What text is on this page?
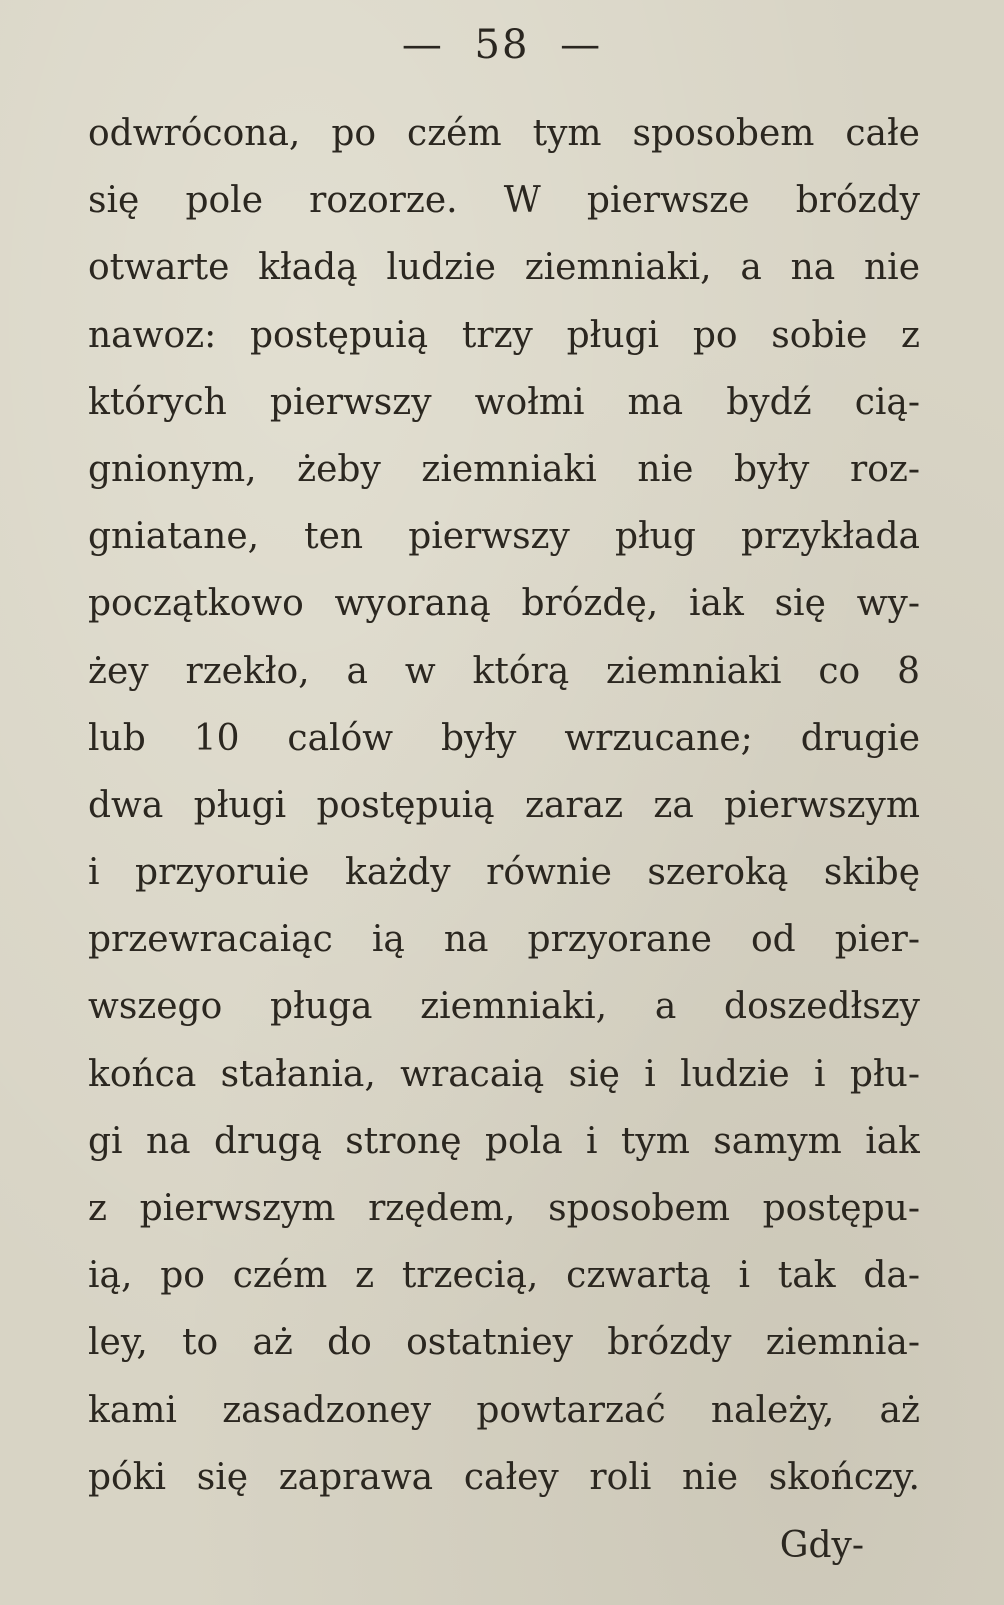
— 58 —
odwrócona, po czém tym sposobem całe
się pole rozorze. W pierwsze brózdy
otwarte kładą ludzie ziemniaki, a na nie
nawoz: postępuią trzy pługi po sobie z
których pierwszy wołmi ma bydź cią-
gnionym, żeby ziemniaki nie były roz-
gniatane, ten pierwszy pług przykłada
początkowo wyoraną brózdę, iak się wy-
żey rzekło, a w którą ziemniaki co 8
lub 10 calów były wrzucane; drugie
dwa pługi postępuią zaraz za pierwszym
i przyoruie każdy równie szeroką skibę
przewracaiąc ią na przyorane od pier-
wszego pługa ziemniaki, a doszedłszy
końca stałania, wracaią się i ludzie i płu-
gi na drugą stronę pola i tym samym iak
z pierwszym rzędem, sposobem postępu-
ią, po czém z trzecią, czwartą i tak da-
ley, to aż do ostatniey brózdy ziemnia-
kami zasadzoney powtarzać należy, aż
póki się zaprawa całey roli nie skończy.
Gdy-
